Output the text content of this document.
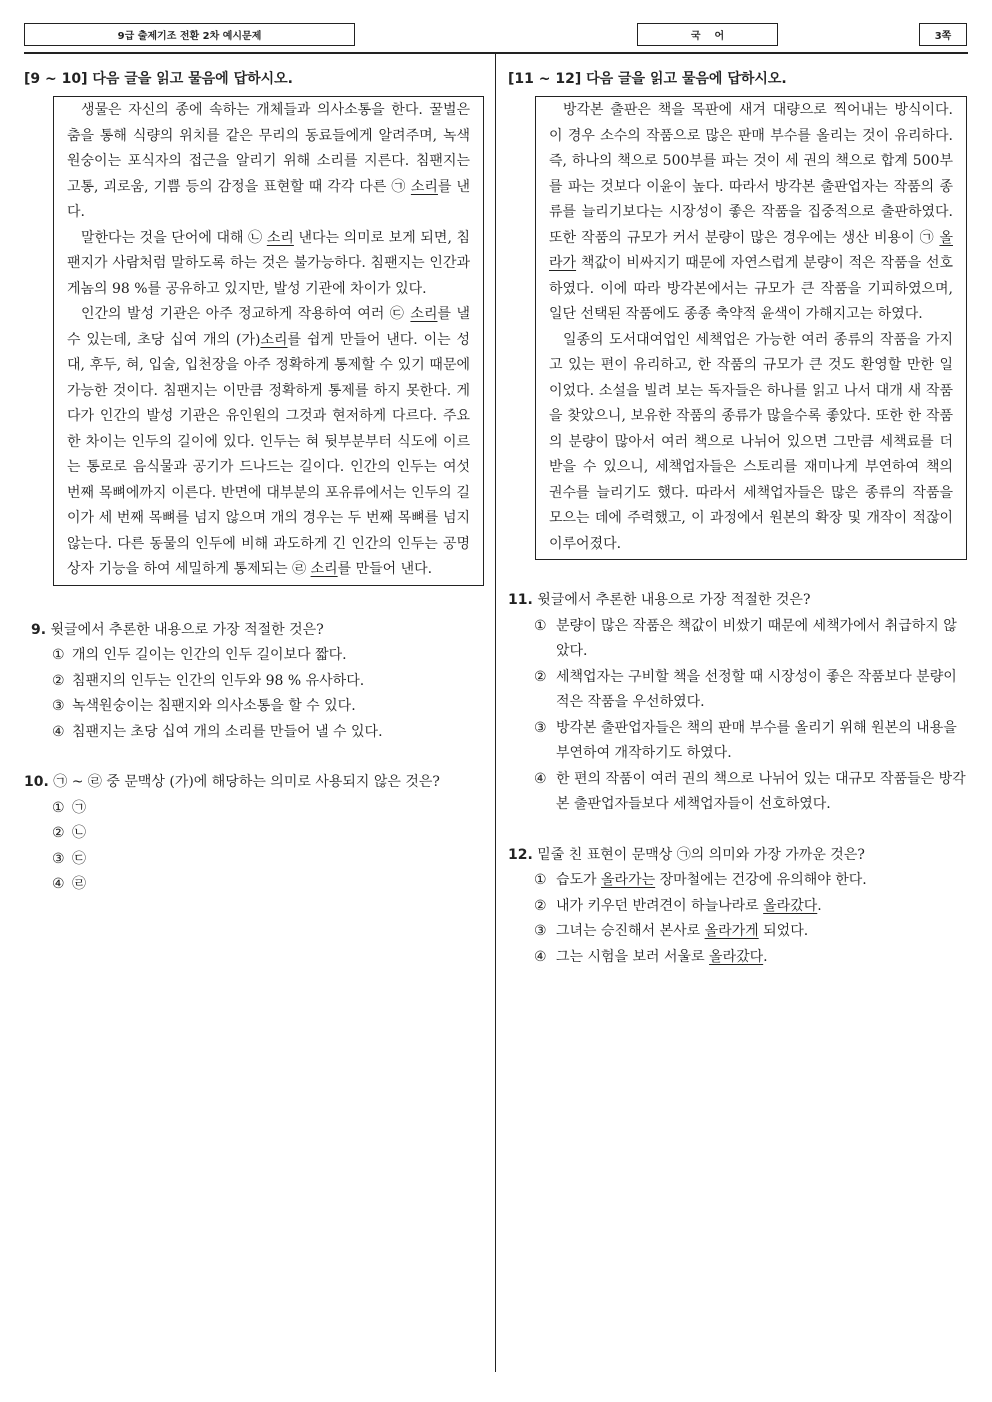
9급 출제기조 전환 2차 예시문제	국    어	3쪽
[9 ~ 10] 다음 글을 읽고 물음에 답하시오.

생물은 자신의 종에 속하는 개체들과 의사소통을 한다. 꿀벌은 춤을 통해 식량의 위치를 같은 무리의 동료들에게 알려주며, 녹색원숭이는 포식자의 접근을 알리기 위해 소리를 지른다. 침팬지는 고통, 괴로움, 기쁨 등의 감정을 표현할 때 각각 다른 ㉠ 소리를 낸다.

말한다는 것을 단어에 대해 ㉡ 소리 낸다는 의미로 보게 되면, 침팬지가 사람처럼 말하도록 하는 것은 불가능하다. 침팬지는 인간과 게놈의 98 %를 공유하고 있지만, 발성 기관에 차이가 있다.

인간의 발성 기관은 아주 정교하게 작용하여 여러 ㉢ 소리를 낼 수 있는데, 초당 십여 개의 (가)소리를 쉽게 만들어 낸다. 이는 성대, 후두, 혀, 입술, 입천장을 아주 정확하게 통제할 수 있기 때문에 가능한 것이다. 침팬지는 이만큼 정확하게 통제를 하지 못한다. 게다가 인간의 발성 기관은 유인원의 그것과 현저하게 다르다. 주요한 차이는 인두의 길이에 있다. 인두는 혀 뒷부분부터 식도에 이르는 통로로 음식물과 공기가 드나드는 길이다. 인간의 인두는 여섯 번째 목뼈에까지 이른다. 반면에 대부분의 포유류에서는 인두의 길이가 세 번째 목뼈를 넘지 않으며 개의 경우는 두 번째 목뼈를 넘지 않는다. 다른 동물의 인두에 비해 과도하게 긴 인간의 인두는 공명 상자 기능을 하여 세밀하게 통제되는 ㉣ 소리를 만들어 낸다.

9. 윗글에서 추론한 내용으로 가장 적절한 것은?
① 개의 인두 길이는 인간의 인두 길이보다 짧다.
② 침팬지의 인두는 인간의 인두와 98 % 유사하다.
③ 녹색원숭이는 침팬지와 의사소통을 할 수 있다.
④ 침팬지는 초당 십여 개의 소리를 만들어 낼 수 있다.
10. ㉠ ~ ㉣ 중 문맥상 (가)에 해당하는 의미로 사용되지 않은 것은?
① ㉠
② ㉡
③ ㉢
④ ㉣
[11 ~ 12] 다음 글을 읽고 물음에 답하시오.

방각본 출판은 책을 목판에 새겨 대량으로 찍어내는 방식이다. 이 경우 소수의 작품으로 많은 판매 부수를 올리는 것이 유리하다. 즉, 하나의 책으로 500부를 파는 것이 세 권의 책으로 합계 500부를 파는 것보다 이윤이 높다. 따라서 방각본 출판업자는 작품의 종류를 늘리기보다는 시장성이 좋은 작품을 집중적으로 출판하였다. 또한 작품의 규모가 커서 분량이 많은 경우에는 생산 비용이 ㉠ 올라가 책값이 비싸지기 때문에 자연스럽게 분량이 적은 작품을 선호하였다. 이에 따라 방각본에서는 규모가 큰 작품을 기피하였으며, 일단 선택된 작품에도 종종 축약적 윤색이 가해지고는 하였다.

일종의 도서대여업인 세책업은 가능한 여러 종류의 작품을 가지고 있는 편이 유리하고, 한 작품의 규모가 큰 것도 환영할 만한 일이었다. 소설을 빌려 보는 독자들은 하나를 읽고 나서 대개 새 작품을 찾았으니, 보유한 작품의 종류가 많을수록 좋았다. 또한 한 작품의 분량이 많아서 여러 책으로 나뉘어 있으면 그만큼 세책료를 더 받을 수 있으니, 세책업자들은 스토리를 재미나게 부연하여 책의 권수를 늘리기도 했다. 따라서 세책업자들은 많은 종류의 작품을 모으는 데에 주력했고, 이 과정에서 원본의 확장 및 개작이 적잖이 이루어졌다.

11. 윗글에서 추론한 내용으로 가장 적절한 것은?
① 분량이 많은 작품은 책값이 비쌌기 때문에 세책가에서 취급하지 않았다.
② 세책업자는 구비할 책을 선정할 때 시장성이 좋은 작품보다 분량이 적은 작품을 우선하였다.
③ 방각본 출판업자들은 책의 판매 부수를 올리기 위해 원본의 내용을 부연하여 개작하기도 하였다.
④ 한 편의 작품이 여러 권의 책으로 나뉘어 있는 대규모 작품들은 방각본 출판업자들보다 세책업자들이 선호하였다.
12. 밑줄 친 표현이 문맥상 ㉠의 의미와 가장 가까운 것은?
① 습도가 올라가는 장마철에는 건강에 유의해야 한다.
② 내가 키우던 반려견이 하늘나라로 올라갔다.
③ 그녀는 승진해서 본사로 올라가게 되었다.
④ 그는 시험을 보러 서울로 올라갔다.
